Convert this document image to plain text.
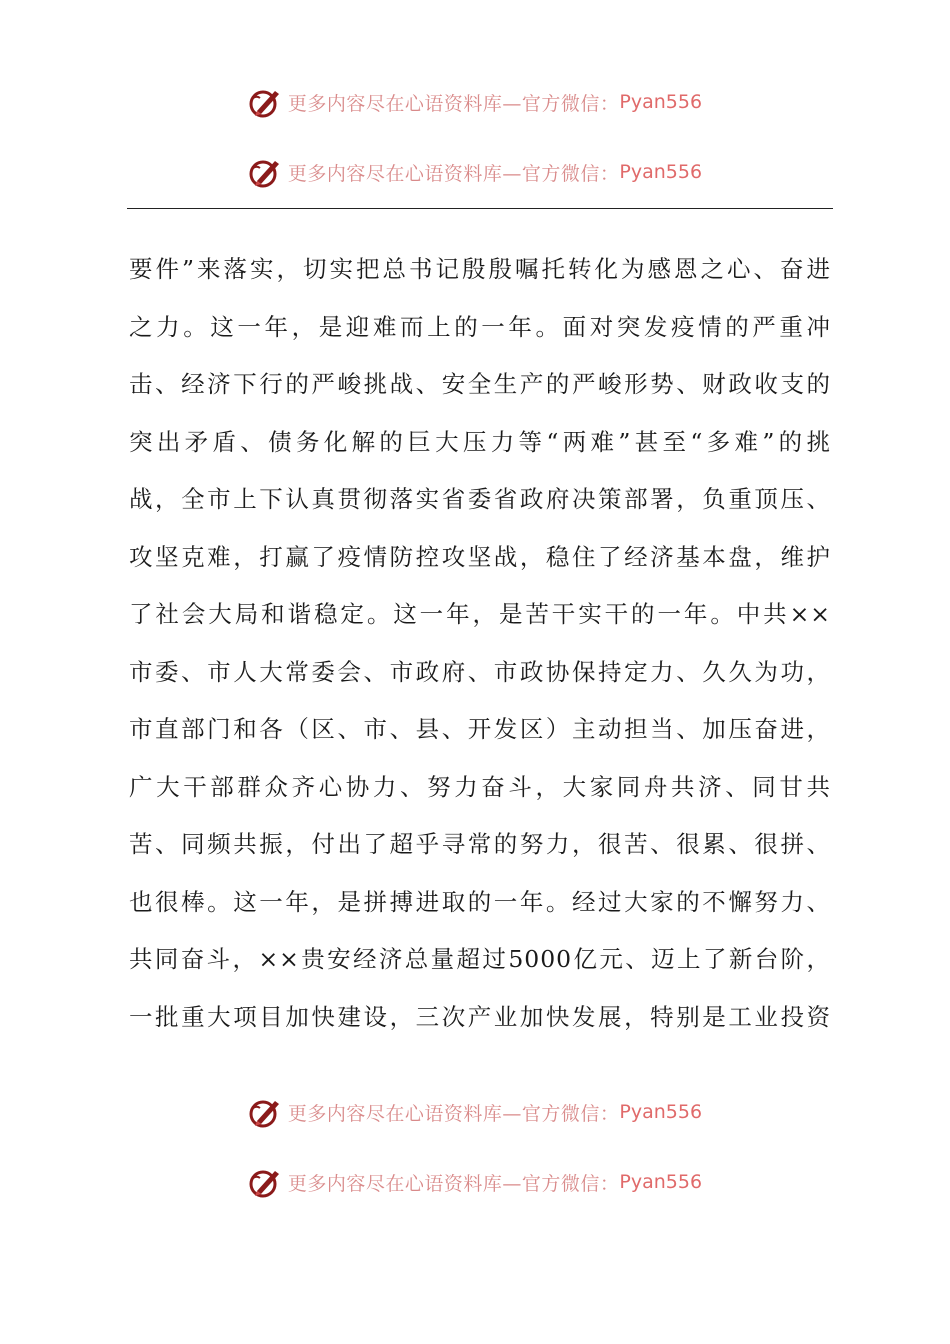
更多内容尽在心语资料库—官方微信： Pyan556
更多内容尽在心语资料库—官方微信： Pyan556
要件”来落实，切实把总书记殷殷嘱托转化为感恩之心、奋进
之力。这一年，是迎难而上的一年。面对突发疫情的严重冲
击、经济下行的严峻挑战、安全生产的严峻形势、财政收支的
突出矛盾、债务化解的巨大压力等“两难”甚至“多难”的挑
战，全市上下认真贯彻落实省委省政府决策部署，负重顶压、
攻坚克难，打赢了疫情防控攻坚战，稳住了经济基本盘，维护
了社会大局和谐稳定。这一年，是苦干实干的一年。中共××
市委、市人大常委会、市政府、市政协保持定力、久久为功，
市直部门和各（区、市、县、开发区）主动担当、加压奋进，
广大干部群众齐心协力、努力奋斗，大家同舟共济、同甘共
苦、同频共振，付出了超乎寻常的努力，很苦、很累、很拼、
也很棒。这一年，是拼搏进取的一年。经过大家的不懈努力、
共同奋斗，××贵安经济总量超过5000亿元、迈上了新台阶，
一批重大项目加快建设，三次产业加快发展，特别是工业投资
更多内容尽在心语资料库—官方微信： Pyan556
更多内容尽在心语资料库—官方微信： Pyan556
